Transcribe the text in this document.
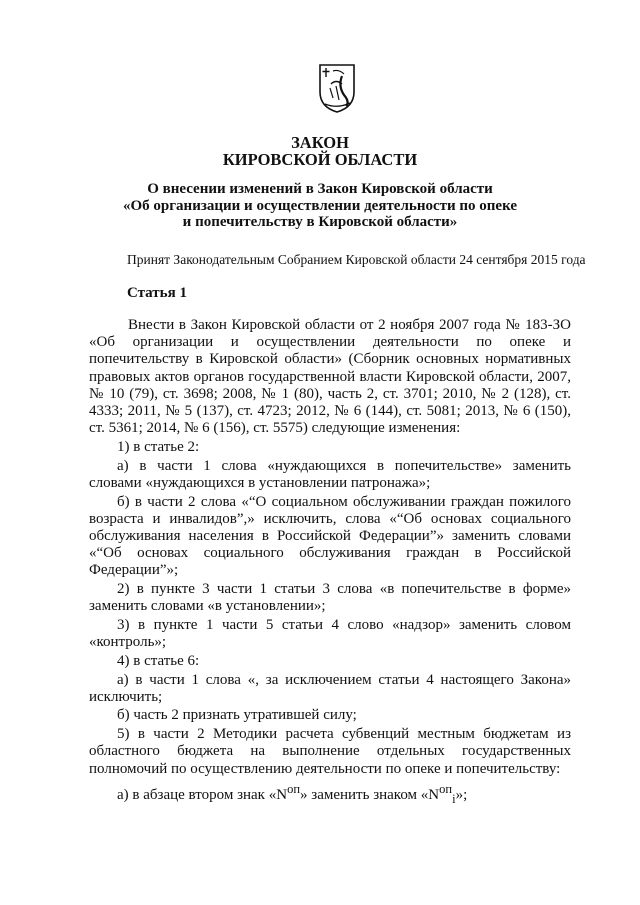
ЗАКОН
КИРОВСКОЙ ОБЛАСТИ
О внесении изменений в Закон Кировской области
«Об организации и осуществлении деятельности по опеке
и попечительству в Кировской области»
Принят Законодательным Собранием Кировской области 24 сентября 2015 года
Статья 1

Внести в Закон Кировской области от 2 ноября 2007 года № 183-ЗО «Об организации и осуществлении деятельности по опеке и попечительству в Кировской области» (Сборник основных нормативных правовых актов органов государственной власти Кировской области, 2007, № 10 (79), ст. 3698; 2008, № 1 (80), часть 2, ст. 3701; 2010, № 2 (128), ст. 4333; 2011, № 5 (137), ст. 4723; 2012, № 6 (144), ст. 5081; 2013, № 6 (150), ст. 5361; 2014, № 6 (156), ст. 5575) следующие изменения:

1) в статье 2:

а) в части 1 слова «нуждающихся в попечительстве» заменить словами «нуждающихся в установлении патронажа»;

б) в части 2 слова «“О социальном обслуживании граждан пожилого возраста и инвалидов”,» исключить, слова «“Об основах социального обслуживания населения в Российской Федерации”» заменить словами «“Об основах социального обслуживания граждан в Российской Федерации”»;

2) в пункте 3 части 1 статьи 3 слова «в попечительстве в форме» заменить словами «в установлении»;

3) в пункте 1 части 5 статьи 4 слово «надзор» заменить словом «контроль»;

4) в статье 6:

а) в части 1 слова «, за исключением статьи 4 настоящего Закона» исключить;

б) часть 2 признать утратившей силу;

5) в части 2 Методики расчета субвенций местным бюджетам из областного бюджета на выполнение отдельных государственных полномочий по осуществлению деятельности по опеке и попечительству:

а) в абзаце втором знак «$N^{оп}$» заменить знаком «$N^{оп}_i$»;
